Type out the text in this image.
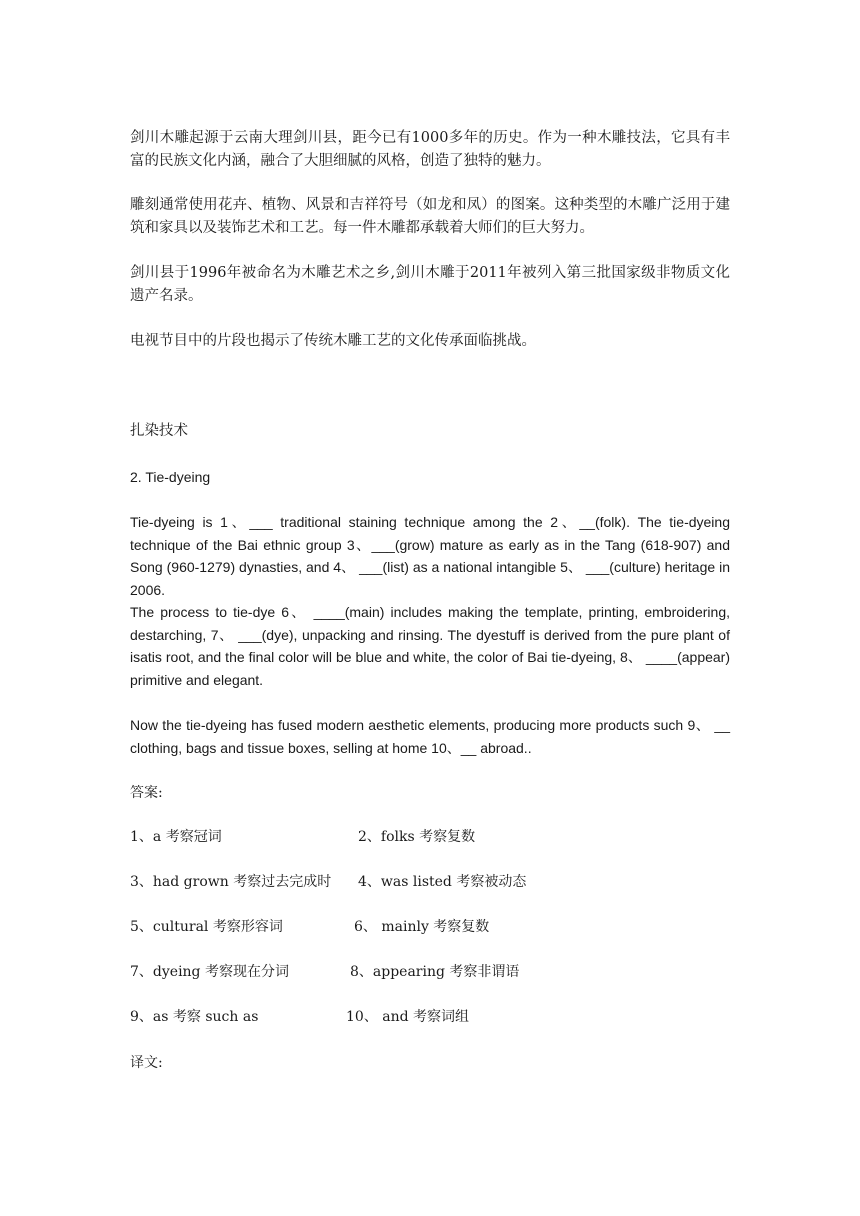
剑川木雕起源于云南大理剑川县，距今已有1000多年的历史。作为一种木雕技法，它具有丰富的民族文化内涵，融合了大胆细腻的风格，创造了独特的魅力。

雕刻通常使用花卉、植物、风景和吉祥符号（如龙和凤）的图案。这种类型的木雕广泛用于建筑和家具以及装饰艺术和工艺。每一件木雕都承载着大师们的巨大努力。

剑川县于1996年被命名为木雕艺术之乡,剑川木雕于2011年被列入第三批国家级非物质文化遗产名录。

电视节目中的片段也揭示了传统木雕工艺的文化传承面临挑战。

扎染技术

2. Tie-dyeing

Tie-dyeing is 1、___ traditional staining technique among the 2、__(folk). The tie-dyeing technique of the Bai ethnic group 3、___(grow) mature as early as in the Tang (618-907) and Song (960-1279) dynasties, and 4、 ___(list) as a national intangible 5、 ___(culture) heritage in 2006.

The process to tie-dye 6、 ____(main) includes making the template, printing, embroidering, destarching, 7、 ___(dye), unpacking and rinsing. The dyestuff is derived from the pure plant of isatis root, and the final color will be blue and white, the color of Bai tie-dyeing, 8、 ____(appear) primitive and elegant.

Now the tie-dyeing has fused modern aesthetic elements, producing more products such 9、 __ clothing, bags and tissue boxes, selling at home 10、__ abroad..

答案:

1、a 考察冠词	2、folks 考察复数
3、had grown 考察过去完成时 4、was listed 考察被动态
5、cultural 考察形容词	6、 mainly 考察复数
7、dyeing 考察现在分词	8、appearing 考察非谓语
9、as 考察 such as	10、 and 考察词组

译文:
